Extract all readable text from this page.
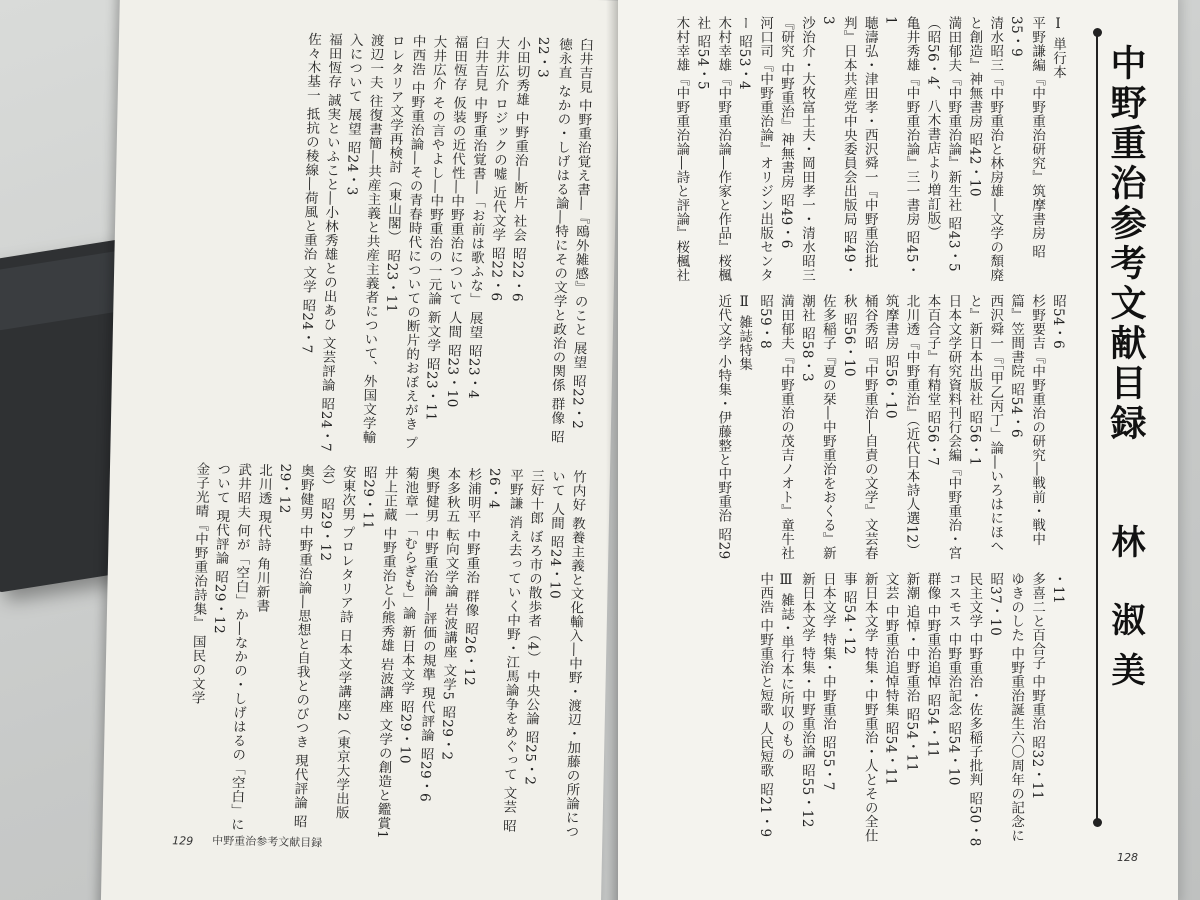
臼井吉見 中野重治覚え書―『鴎外雑感』のこと 展望 昭22・2
徳永直 なかの・しげはる論―特にその文学と政治の関係 群像 昭22・3
小田切秀雄 中野重治―断片 社会 昭22・6
大井広介 ロジックの嘘 近代文学 昭22・6
臼井吉見 中野重治覚書―「お前は歌ふな」 展望 昭23・4
福田恆存 仮装の近代性―中野重治について 人間 昭23・10
大井広介 その言やよし―中野重治の一元論 新文学 昭23・11
中西浩 中野重治論―その青春時代についての断片的おぼえがき プロレタリア文学再検討（東山閣） 昭23・11
渡辺一夫 往復書簡―共産主義と共産主義者について、外国文学輸入について 展望 昭24・3
福田恆存 誠実といふこと―小林秀雄との出あひ 文芸評論 昭24・7
佐々木基一 抵抗の稜線―荷風と重治 文学 昭24・7
竹内好 教養主義と文化輸入―中野・渡辺・加藤の所論について 人間 昭24・10
三好十郎 ぼろ市の散歩者（4） 中央公論 昭25・2
平野謙 消え去っていく中野・江馬論争をめぐって 文芸 昭26・4
杉浦明平 中野重治 群像 昭26・12
本多秋五 転向文学論 岩波講座 文学5 昭29・2
奥野健男 中野重治論―評価の規準 現代評論 昭29・6
菊池章一「むらぎも」論 新日本文学 昭29・10
井上正蔵 中野重治と小熊秀雄 岩波講座 文学の創造と鑑賞1 昭29・11
安東次男 プロレタリア詩 日本文学講座2（東京大学出版会） 昭29・12
奥野健男 中野重治論―思想と自我とのびつき 現代評論 昭29・12
北川透 現代詩 角川新書
武井昭夫 何が「空白」か―なかの・しげはるの「空白」について 現代評論 昭29・12
金子光晴『中野重治詩集』 国民の文学
129 中野重治参考文献目録
中野重治参考文献目録
林 淑美
Ⅰ 単行本
平野謙編『中野重治研究』筑摩書房 昭35・9
清水昭三『中野重治と林房雄―文学の頽廃と創造』神無書房 昭42・10
満田郁夫『中野重治論』新生社 昭43・5（昭56・4、八木書店より増訂版）
亀井秀雄『中野重治論』三一書房 昭45・1
聴濤弘・津田孝・西沢舜一『中野重治批判』日本共産党中央委員会出版局 昭49・3
沙治介・大牧富士夫・岡田孝一・清水昭三『研究 中野重治』神無書房 昭49・6
河口司『中野重治論』オリジン出版センター 昭53・4
木村幸雄『中野重治論―作家と作品』桜楓社 昭54・5
木村幸雄『中野重治論―詩と評論』桜楓社
昭54・6
杉野要吉『中野重治の研究―戦前・戦中篇』笠間書院 昭54・6
西沢舜一『「甲乙丙丁」論―いろはにほへと』新日本出版社 昭56・1
日本文学研究資料刊行会編『中野重治・宮本百合子』有精堂 昭56・7
北川透『中野重治』（近代日本詩人選12）筑摩書房 昭56・10
桶谷秀昭『中野重治―自責の文学』文芸春秋 昭56・10
佐多稲子『夏の栞―中野重治をおくる』新潮社 昭58・3
満田郁夫『中野重治の茂吉ノオト』童牛社 昭59・8
Ⅱ 雑誌特集
近代文学 小特集・伊藤整と中野重治 昭29
・11
多喜二と百合子 中野重治 昭32・11
ゆきのした 中野重治誕生六〇周年の記念に 昭37・10
民主文学 中野重治・佐多稲子批判 昭50・8
コスモス 中野重治記念 昭54・10
群像 中野重治追悼 昭54・11
新潮 追悼・中野重治 昭54・11
文芸 中野重治追悼特集 昭54・11
新日本文学 特集・中野重治・人とその全仕事 昭54・12
日本文学 特集・中野重治 昭55・7
新日本文学 特集・中野重治論 昭55・12
Ⅲ 雑誌・単行本に所収のもの
中西浩 中野重治と短歌 人民短歌 昭21・9
128
